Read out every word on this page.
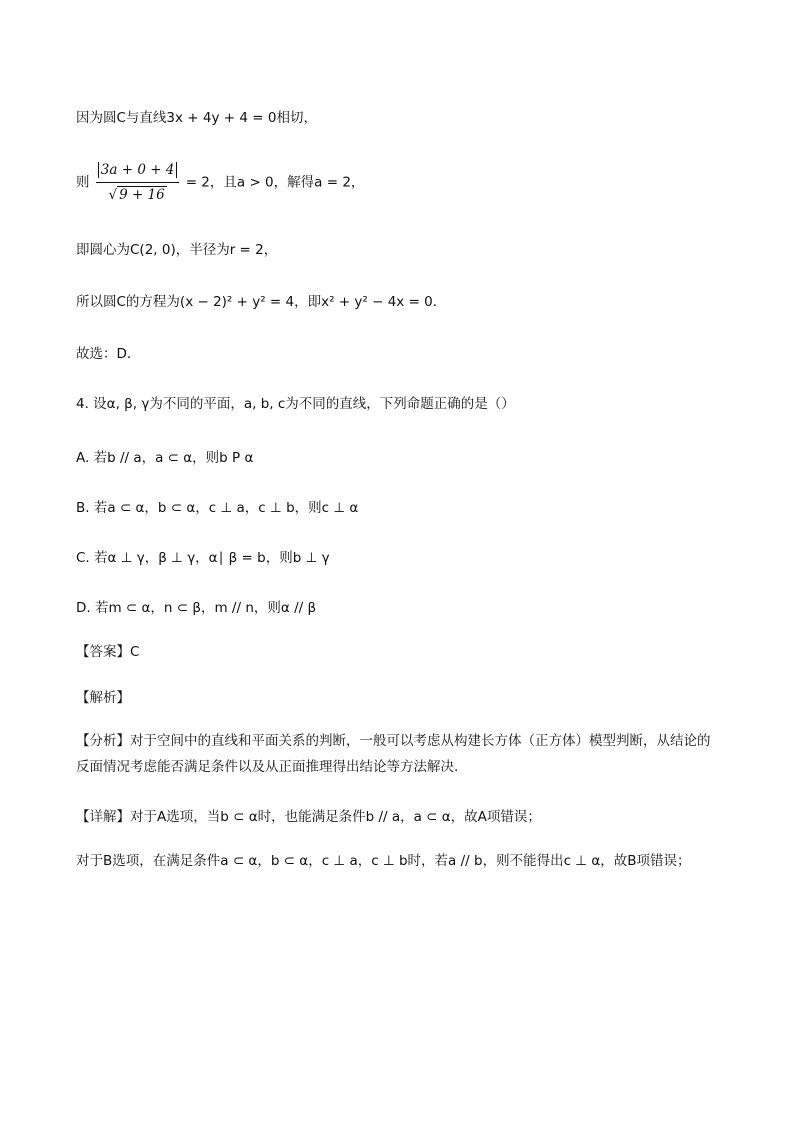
因为圆C与直线3x + 4y + 4 = 0相切，
则 $\frac{3a + 0 + 4}{√ 9 + 16} = 2$，且a > 0，解得a = 2，
即圆心为C(2, 0)，半径为r = 2，
所以圆C的方程为(x − 2)² + y² = 4，即x² + y² − 4x = 0．
故选：D．
4. 设α, β, γ为不同的平面，a, b, c为不同的直线，下列命题正确的是（）
A. 若b // a，a ⊂ α，则b P α
B. 若a ⊂ α，b ⊂ α，c ⊥ a，c ⊥ b，则c ⊥ α
C. 若α ⊥ γ，β ⊥ γ，α∣ β = b，则b ⊥ γ
D. 若m ⊂ α，n ⊂ β，m // n，则α // β
【答案】C
【解析】
【分析】对于空间中的直线和平面关系的判断，一般可以考虑从构建长方体（正方体）模型判断，从结论的反面情况考虑能否满足条件以及从正面推理得出结论等方法解决.
【详解】对于A选项，当b ⊂ α时，也能满足条件b // a，a ⊂ α，故A项错误；
对于B选项，在满足条件a ⊂ α，b ⊂ α，c ⊥ a，c ⊥ b时，若a // b，则不能得出c ⊥ α，故B项错误；
